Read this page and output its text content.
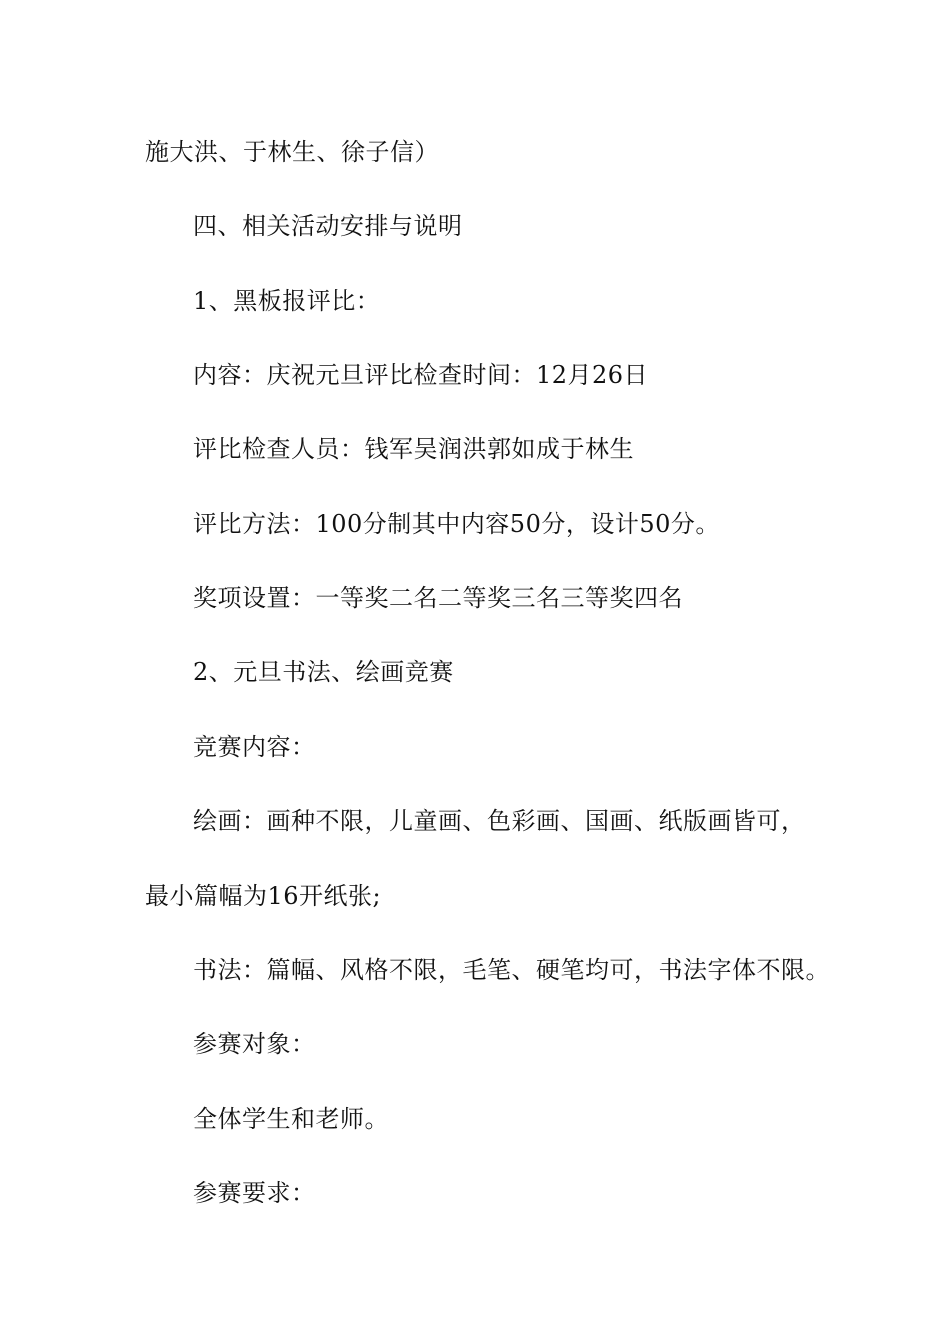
施大洪、于林生、徐子信）
四、相关活动安排与说明
1、黑板报评比：
内容：庆祝元旦评比检查时间：12月26日
评比检查人员：钱军吴润洪郭如成于林生
评比方法：100分制其中内容50分，设计50分。
奖项设置：一等奖二名二等奖三名三等奖四名
2、元旦书法、绘画竞赛
竞赛内容：
绘画：画种不限，儿童画、色彩画、国画、纸版画皆可，
最小篇幅为16开纸张;
书法：篇幅、风格不限，毛笔、硬笔均可，书法字体不限。
参赛对象：
全体学生和老师。
参赛要求：
